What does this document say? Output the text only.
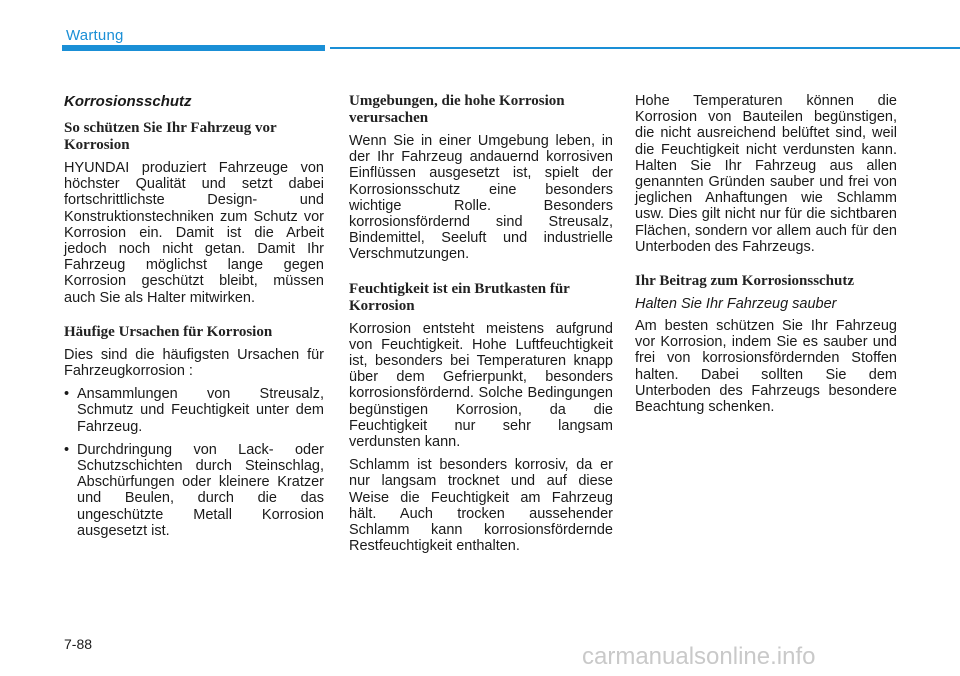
Wartung
Korrosionsschutz
So schützen Sie Ihr Fahrzeug vor Korrosion

HYUNDAI produziert Fahrzeuge von höchster Qualität und setzt dabei fortschrittlichste Design- und Konstruktionstechniken zum Schutz vor Korrosion ein. Damit ist die Arbeit jedoch noch nicht getan. Damit Ihr Fahrzeug möglichst lange gegen Korrosion geschützt bleibt, müssen auch Sie als Halter mitwirken.

Häufige Ursachen für Korrosion

Dies sind die häufigsten Ursachen für Fahrzeugkorrosion :

• Ansammlungen von Streusalz, Schmutz und Feuchtigkeit unter dem Fahrzeug.
• Durchdringung von Lack- oder Schutzschichten durch Steinschlag, Abschürfungen oder kleinere Kratzer und Beulen, durch die das ungeschützte Metall Korrosion ausgesetzt ist.
Umgebungen, die hohe Korrosion verursachen

Wenn Sie in einer Umgebung leben, in der Ihr Fahrzeug andauernd korrosiven Einflüssen ausgesetzt ist, spielt der Korrosionsschutz eine besonders wichtige Rolle. Besonders korrosionsfördernd sind Streusalz, Bindemittel, Seeluft und industrielle Verschmutzungen.

Feuchtigkeit ist ein Brutkasten für Korrosion

Korrosion entsteht meistens aufgrund von Feuchtigkeit. Hohe Luftfeuchtigkeit ist, besonders bei Temperaturen knapp über dem Gefrierpunkt, besonders korrosionsfördernd. Solche Bedingungen begünstigen Korrosion, da die Feuchtigkeit nur sehr langsam verdunsten kann.

Schlamm ist besonders korrosiv, da er nur langsam trocknet und auf diese Weise die Feuchtigkeit am Fahrzeug hält. Auch trocken aussehender Schlamm kann korrosionsfördernde Restfeuchtigkeit enthalten.

Hohe Temperaturen können die Korrosion von Bauteilen begünstigen, die nicht ausreichend belüftet sind, weil die Feuchtigkeit nicht verdunsten kann. Halten Sie Ihr Fahrzeug aus allen genannten Gründen sauber und frei von jeglichen Anhaftungen wie Schlamm usw. Dies gilt nicht nur für die sichtbaren Flächen, sondern vor allem auch für den Unterboden des Fahrzeugs.

Ihr Beitrag zum Korrosionsschutz
Halten Sie Ihr Fahrzeug sauber

Am besten schützen Sie Ihr Fahrzeug vor Korrosion, indem Sie es sauber und frei von korrosionsfördernden Stoffen halten. Dabei sollten Sie dem Unterboden des Fahrzeugs besondere Beachtung schenken.

7-88	carmanualsonline.info
